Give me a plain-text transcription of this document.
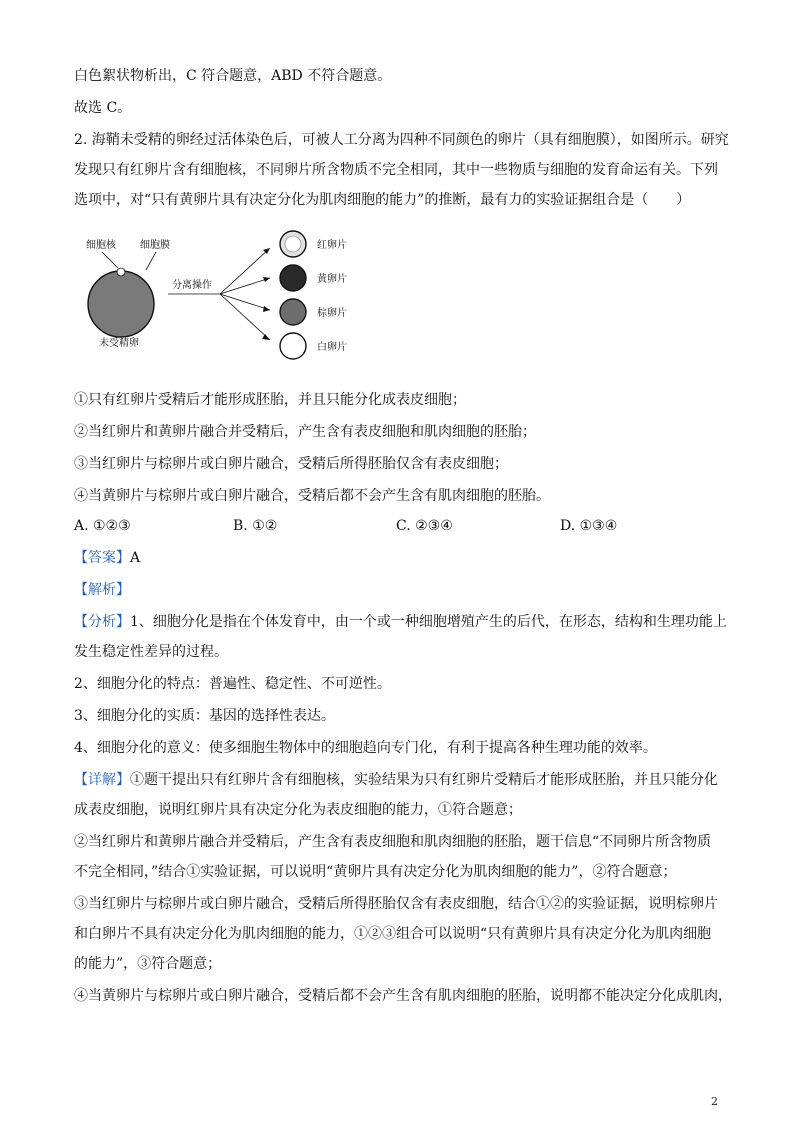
白色絮状物析出，C 符合题意，ABD 不符合题意。
故选 C。
2. 海鞘未受精的卵经过活体染色后，可被人工分离为四种不同颜色的卵片（具有细胞膜），如图所示。研究
发现只有红卵片含有细胞核，不同卵片所含物质不完全相同，其中一些物质与细胞的发育命运有关。下列
选项中，对“只有黄卵片具有决定分化为肌肉细胞的能力”的推断，最有力的实验证据组合是（　　）
细胞核 细胞膜
未受精卵
分离操作
红卵片
黄卵片
棕卵片
白卵片
①只有红卵片受精后才能形成胚胎，并且只能分化成表皮细胞；
②当红卵片和黄卵片融合并受精后，产生含有表皮细胞和肌肉细胞的胚胎；
③当红卵片与棕卵片或白卵片融合，受精后所得胚胎仅含有表皮细胞；
④当黄卵片与棕卵片或白卵片融合，受精后都不会产生含有肌肉细胞的胚胎。
A. ①②③	B. ①②	C. ②③④	D. ①③④
【答案】A
【解析】
【分析】1、细胞分化是指在个体发育中，由一个或一种细胞增殖产生的后代，在形态，结构和生理功能上
发生稳定性差异的过程。
2、细胞分化的特点：普遍性、稳定性、不可逆性。
3、细胞分化的实质：基因的选择性表达。
4、细胞分化的意义：使多细胞生物体中的细胞趋向专门化，有利于提高各种生理功能的效率。
【详解】①题干提出只有红卵片含有细胞核，实验结果为只有红卵片受精后才能形成胚胎，并且只能分化
成表皮细胞，说明红卵片具有决定分化为表皮细胞的能力，①符合题意；
②当红卵片和黄卵片融合并受精后，产生含有表皮细胞和肌肉细胞的胚胎，题干信息“不同卵片所含物质
不完全相同，”结合①实验证据，可以说明“黄卵片具有决定分化为肌肉细胞的能力”，②符合题意；
③当红卵片与棕卵片或白卵片融合，受精后所得胚胎仅含有表皮细胞，结合①②的实验证据，说明棕卵片
和白卵片不具有决定分化为肌肉细胞的能力，①②③组合可以说明“只有黄卵片具有决定分化为肌肉细胞
的能力”，③符合题意；
④当黄卵片与棕卵片或白卵片融合，受精后都不会产生含有肌肉细胞的胚胎，说明都不能决定分化成肌肉，
2
